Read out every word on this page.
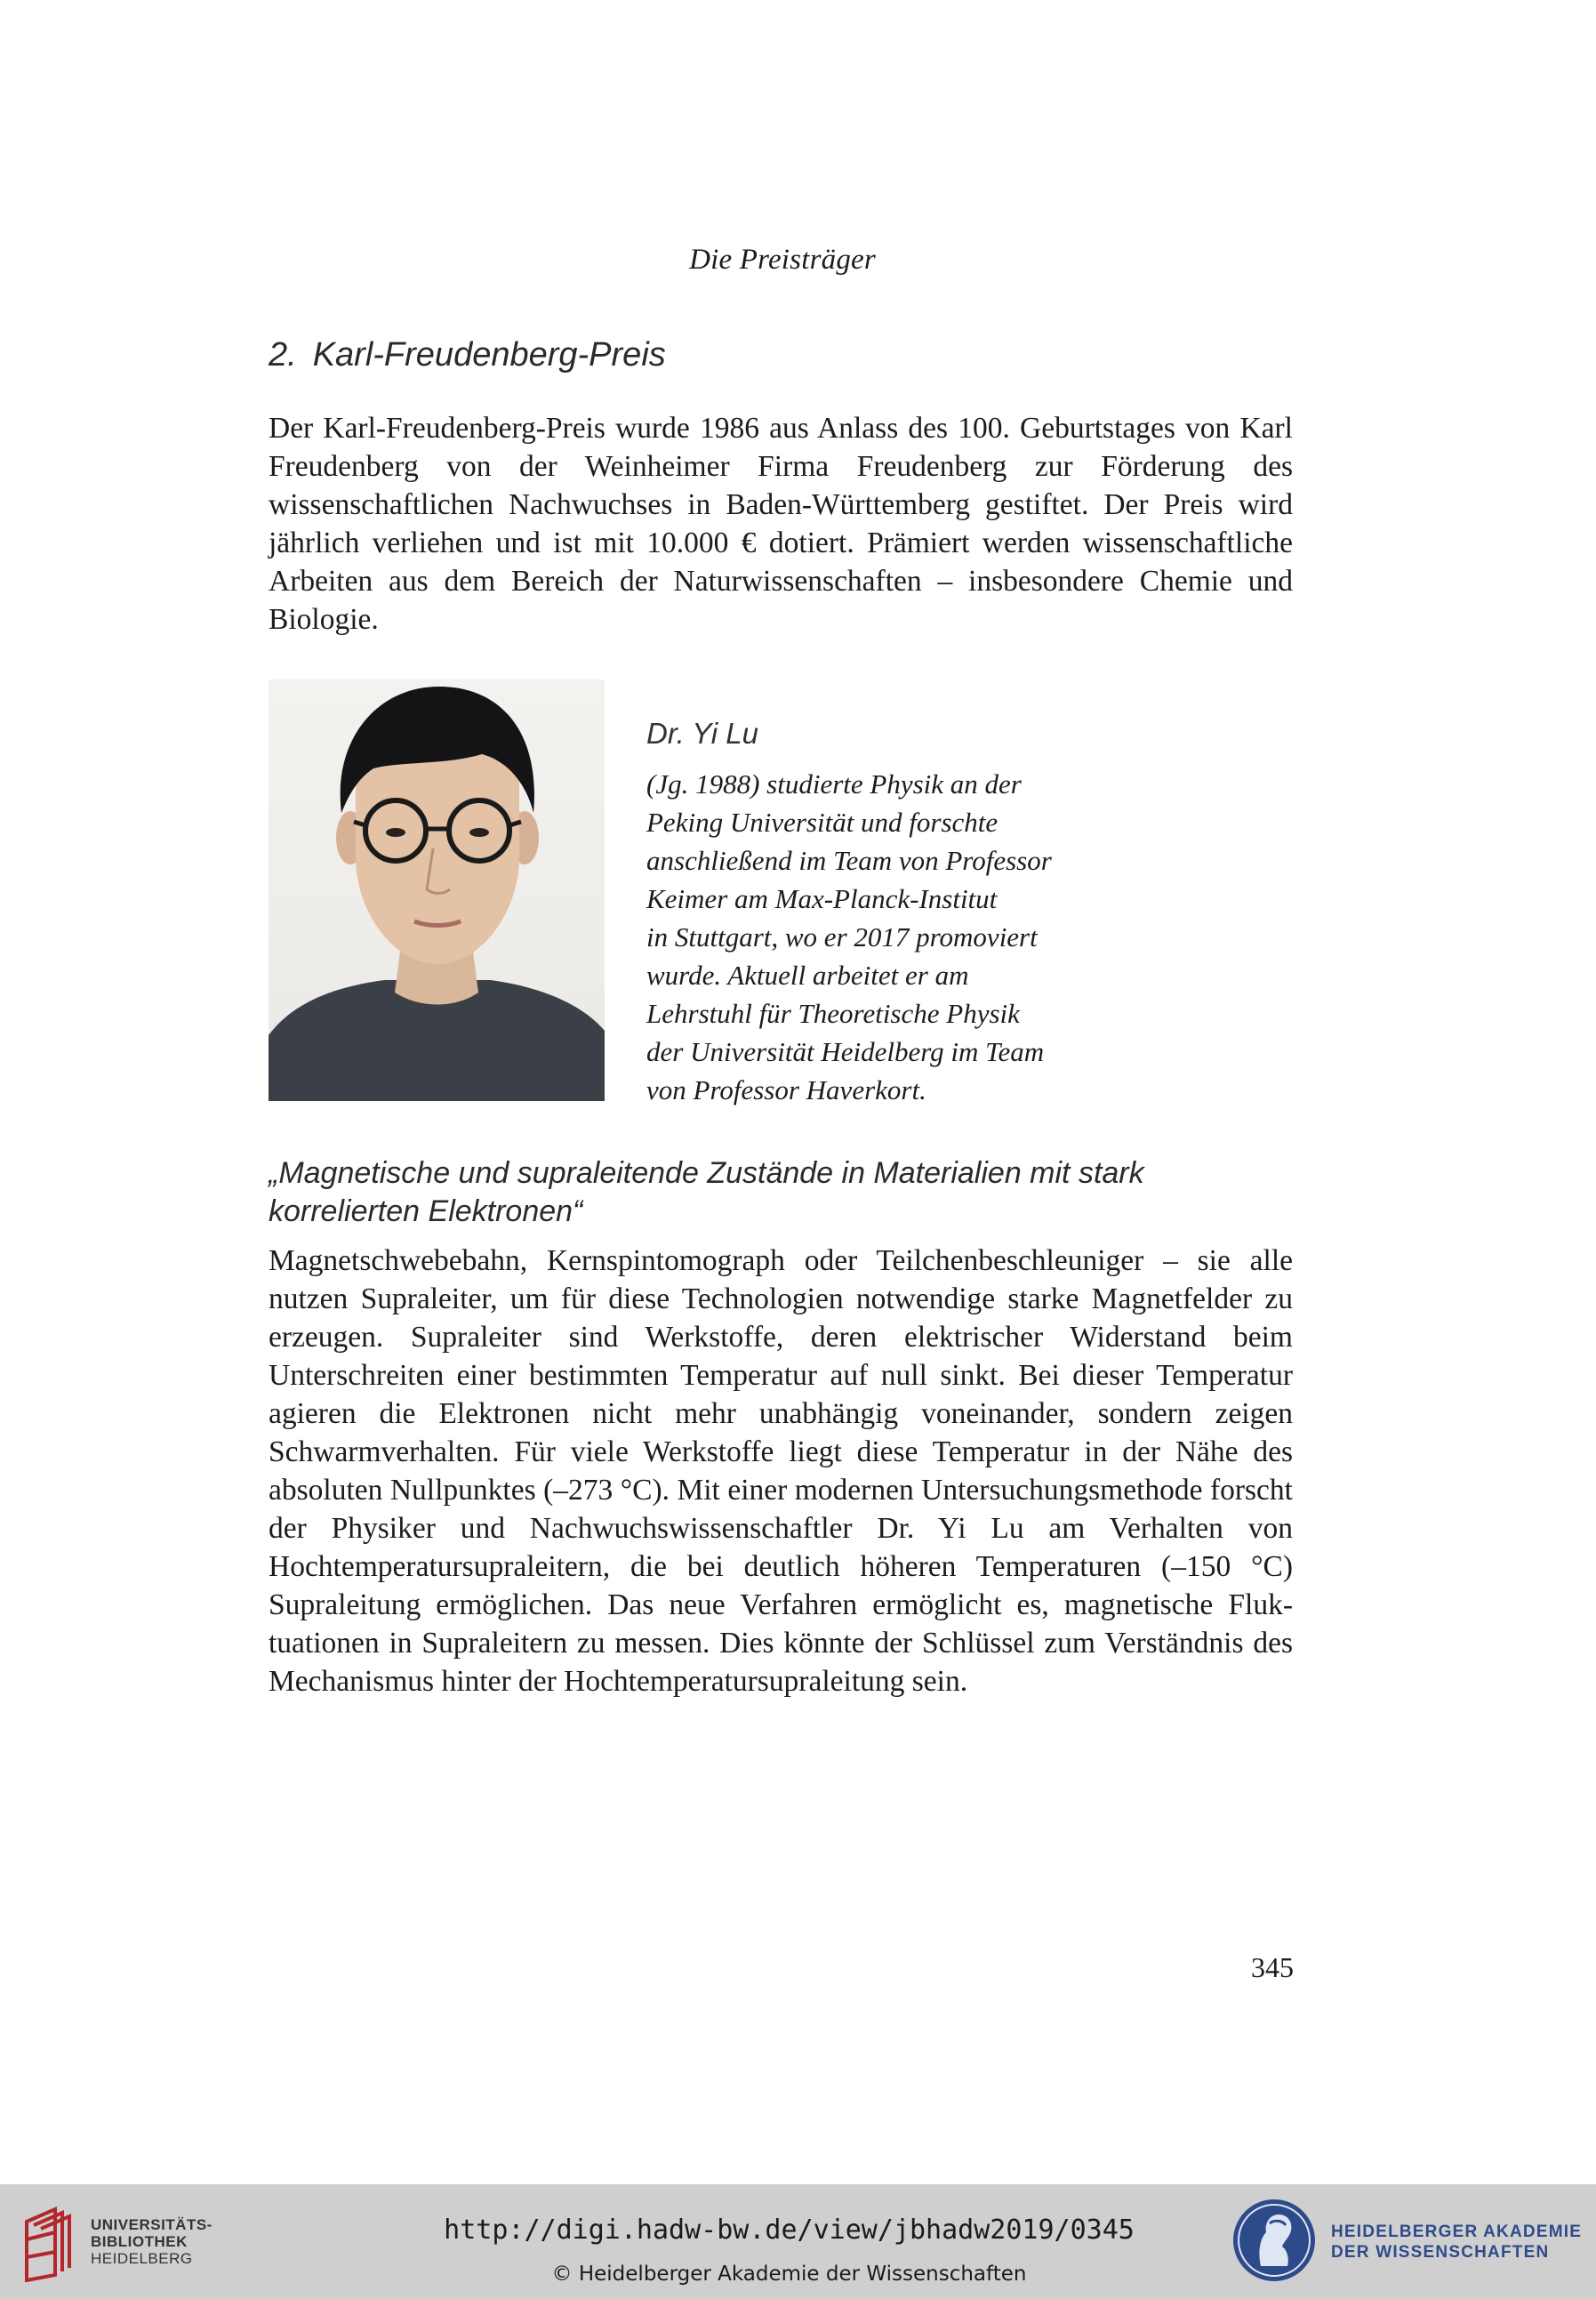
Die Preisträger
2. Karl-Freudenberg-Preis

Der Karl-Freudenberg-Preis wurde 1986 aus Anlass des 100. Geburtstages von Karl Freudenberg von der Weinheimer Firma Freudenberg zur Förderung des wissenschaftlichen Nachwuchses in Baden-Württemberg gestiftet. Der Preis wird jährlich verliehen und ist mit 10.000 € dotiert. Prämiert werden wissenschaftliche Arbeiten aus dem Bereich der Naturwissenschaften – insbesondere Chemie und Biologie.

Dr. Yi Lu

(Jg. 1988) studierte Physik an der
Peking Universität und forschte
anschließend im Team von Professor
Keimer am Max-Planck-Institut
in Stuttgart, wo er 2017 promoviert
wurde. Aktuell arbeitet er am
Lehrstuhl für Theoretische Physik
der Universität Heidelberg im Team
von Professor Haverkort.

„Magnetische und supraleitende Zustände in Materialien mit stark
korrelierten Elektronen“

Magnetschwebebahn, Kernspintomograph oder Teilchenbeschleuniger – sie alle nutzen Supraleiter, um für diese Technologien notwendige starke Magnetfelder zu erzeugen. Supraleiter sind Werkstoffe, deren elektrischer Widerstand beim Unterschreiten einer bestimmten Temperatur auf null sinkt. Bei dieser Temperatur agieren die Elektronen nicht mehr unabhängig voneinander, sondern zeigen Schwarmverhalten. Für viele Werkstoffe liegt diese Temperatur in der Nähe des absoluten Nullpunktes (–273 °C). Mit einer modernen Untersuchungsmethode forscht der Physiker und Nachwuchswissenschaftler Dr. Yi Lu am Verhalten von Hochtemperatursupraleitern, die bei deutlich höheren Temperaturen (–150 °C) Supraleitung ermöglichen. Das neue Verfahren ermöglicht es, magnetische Fluktuationen in Supraleitern zu messen. Dies könnte der Schlüssel zum Verständnis des Mechanismus hinter der Hochtemperatursupraleitung sein.

345
UNIVERSITÄTS-
BIBLIOTHEK
HEIDELBERG
http://digi.hadw-bw.de/view/jbhadw2019/0345
© Heidelberger Akademie der Wissenschaften
HEIDELBERGER AKADEMIE
DER WISSENSCHAFTEN
